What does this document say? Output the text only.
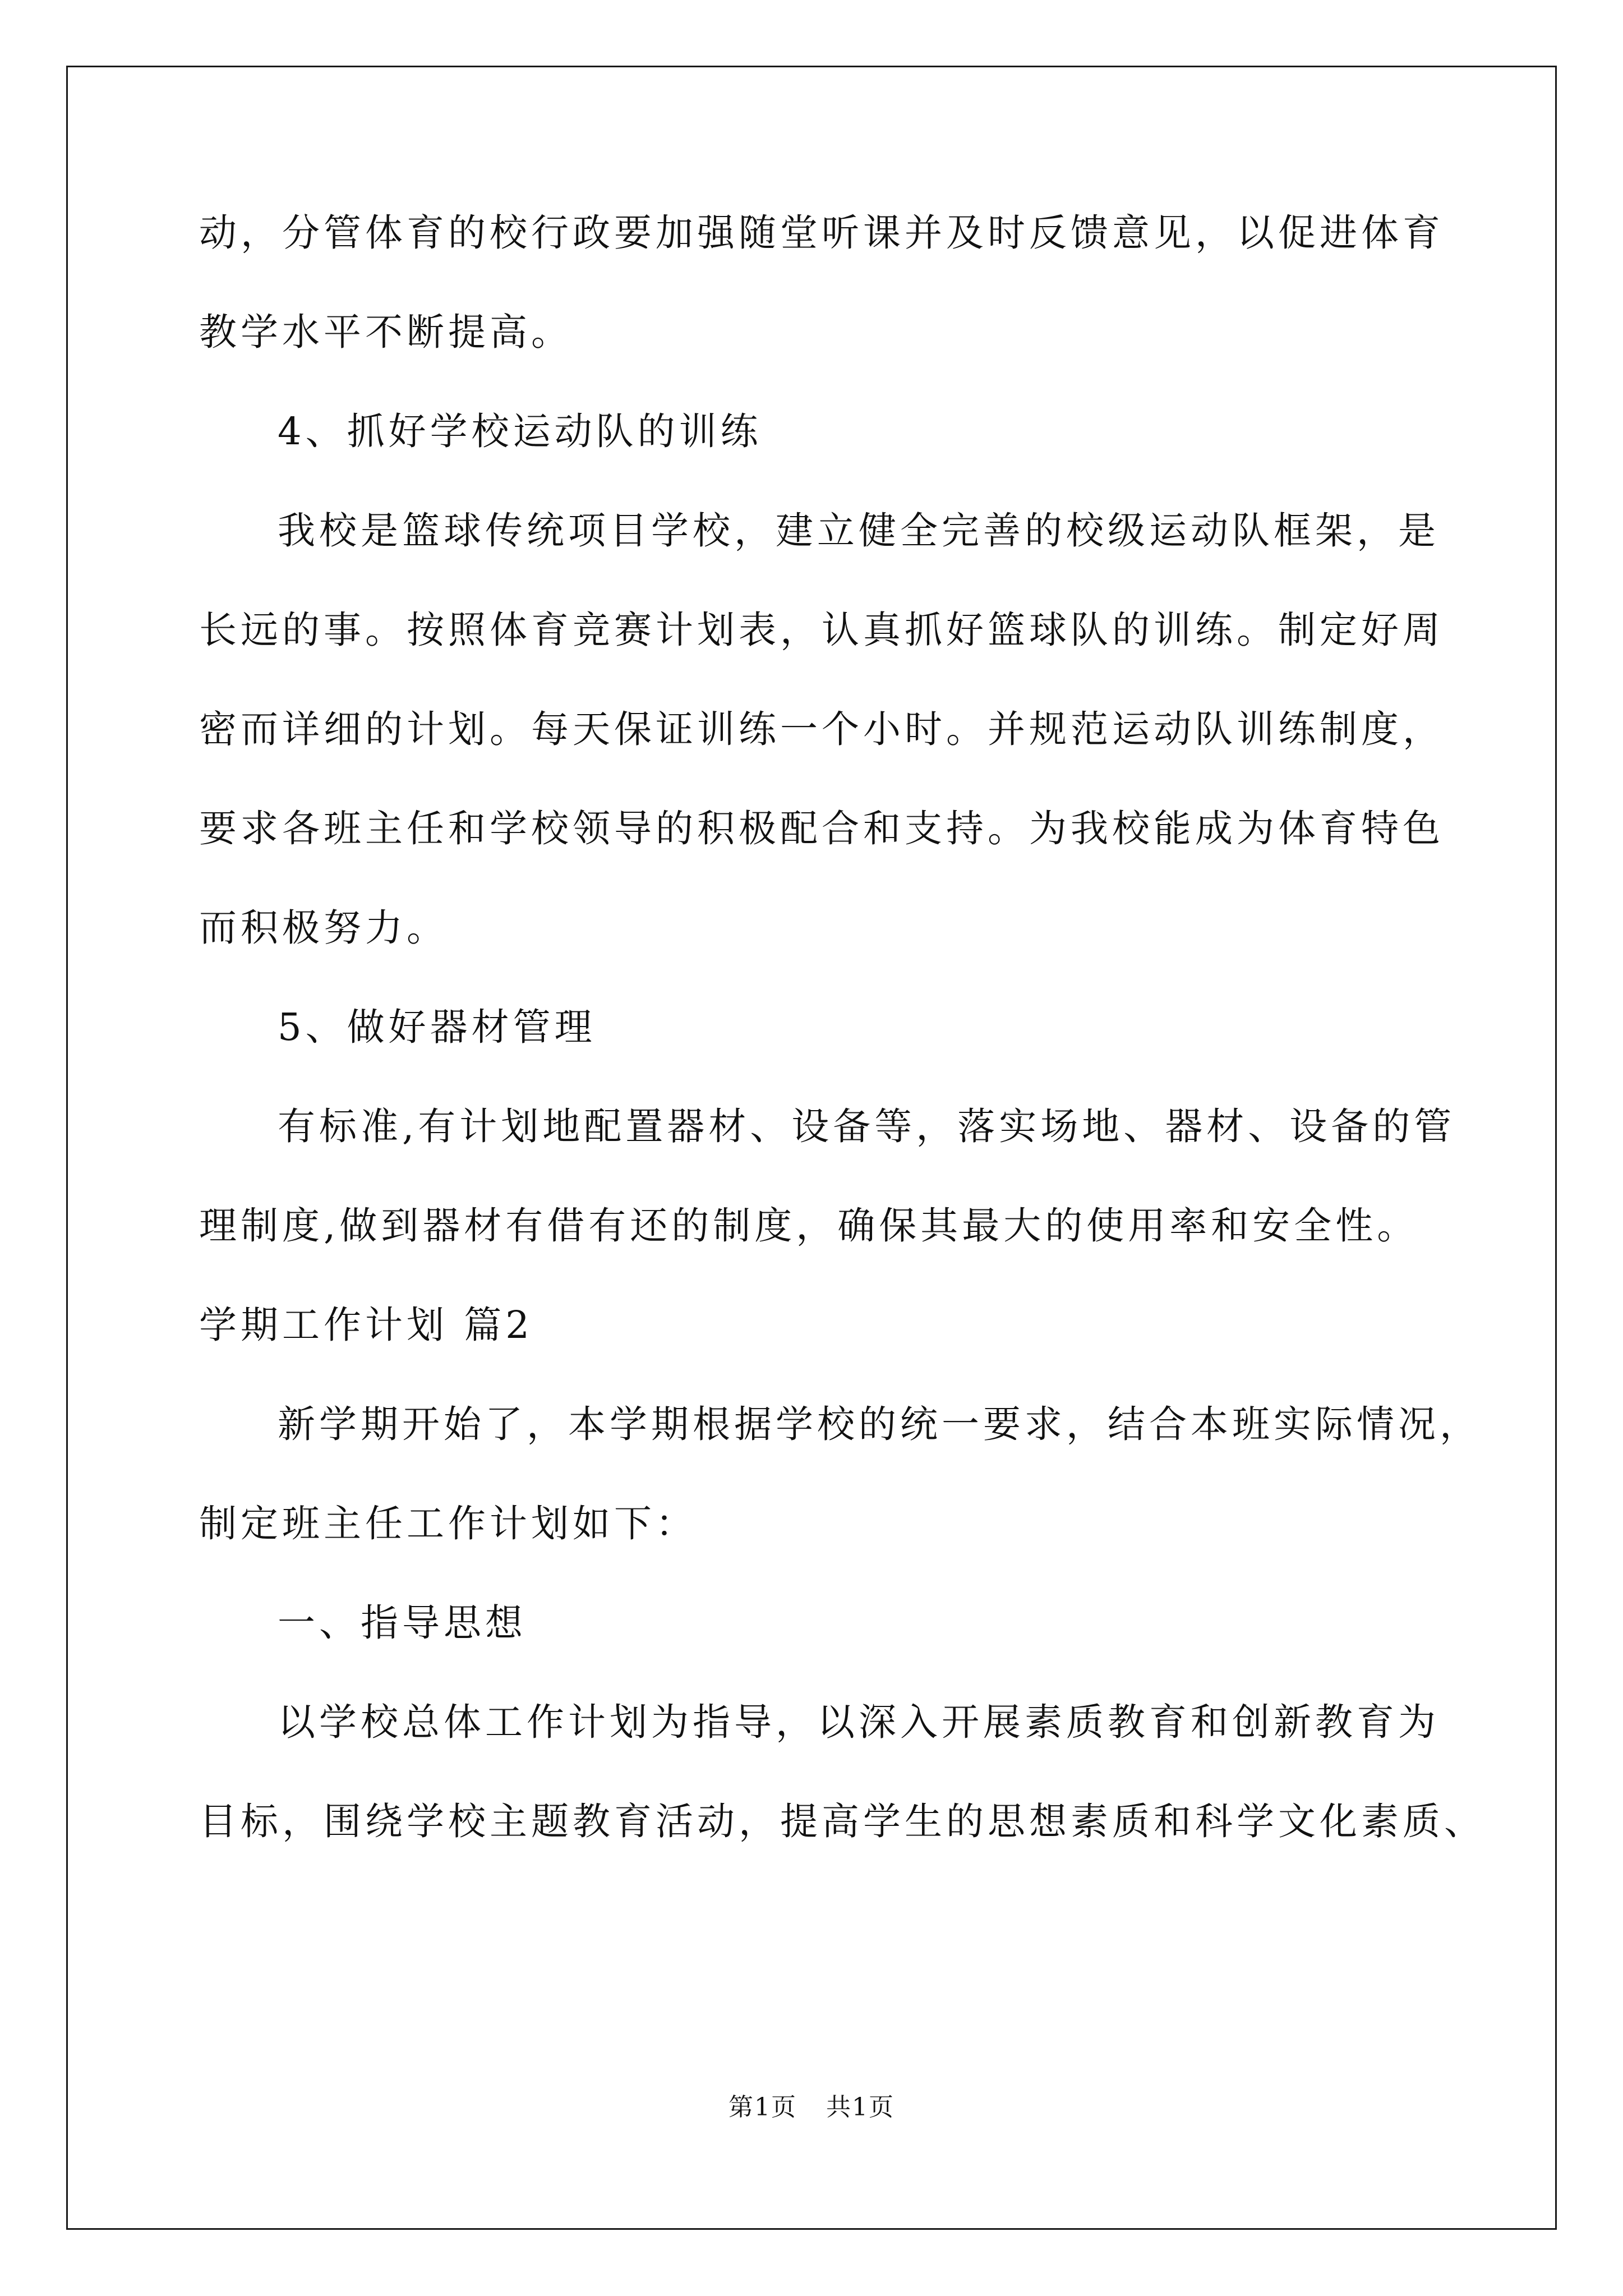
动，分管体育的校行政要加强随堂听课并及时反馈意见，以促进体育
教学水平不断提高。
4、抓好学校运动队的训练
我校是篮球传统项目学校，建立健全完善的校级运动队框架，是
长远的事。按照体育竞赛计划表，认真抓好篮球队的训练。制定好周
密而详细的计划。每天保证训练一个小时。并规范运动队训练制度，
要求各班主任和学校领导的积极配合和支持。为我校能成为体育特色
而积极努力。
5、做好器材管理
有标准,有计划地配置器材、设备等，落实场地、器材、设备的管
理制度,做到器材有借有还的制度，确保其最大的使用率和安全性。
学期工作计划 篇2
新学期开始了，本学期根据学校的统一要求，结合本班实际情况，
制定班主任工作计划如下：
一、指导思想
以学校总体工作计划为指导，以深入开展素质教育和创新教育为
目标，围绕学校主题教育活动，提高学生的思想素质和科学文化素质、
第1页 共1页
